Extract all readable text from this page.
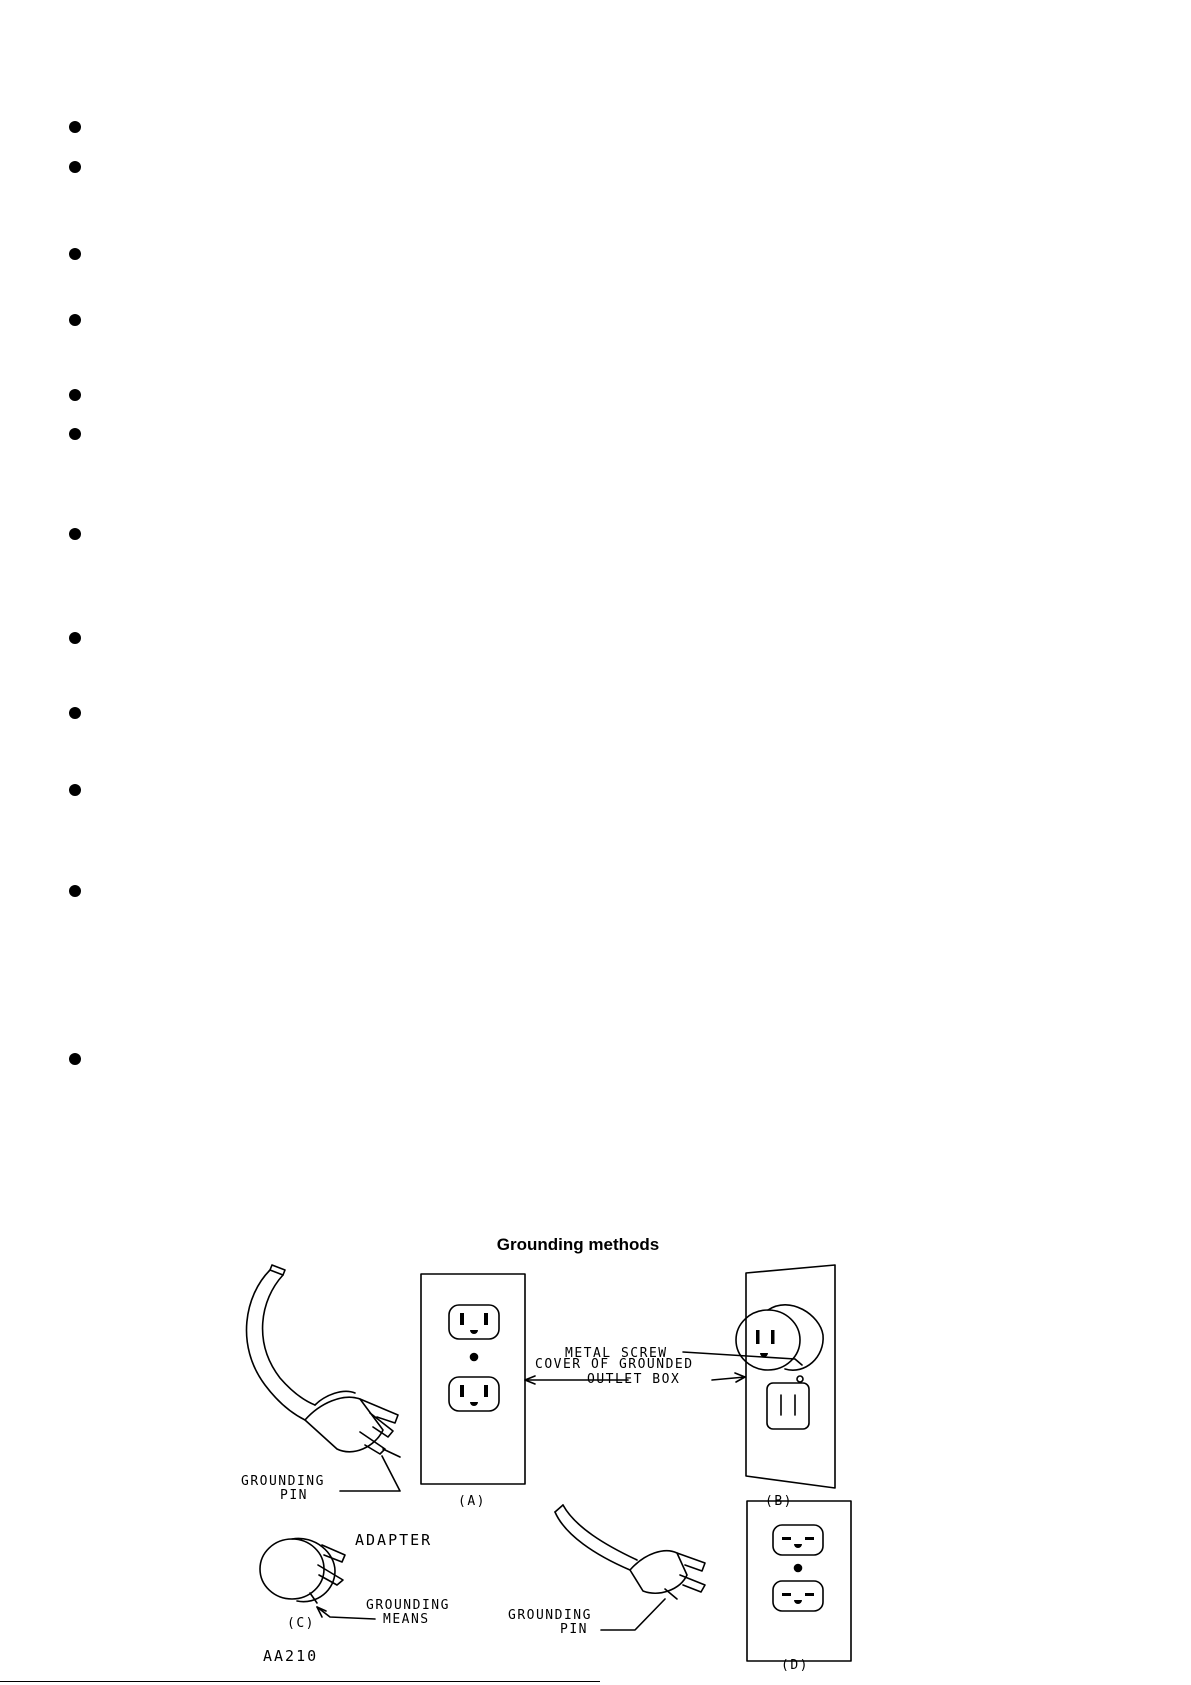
Grounding methods
GROUNDING
PIN	(A)
METAL SCREW
COVER OF GROUNDED
OUTLET BOX
(B)
ADAPTER
GROUNDING
MEANS
(C)
GROUNDING
PIN
(D)
AA210
